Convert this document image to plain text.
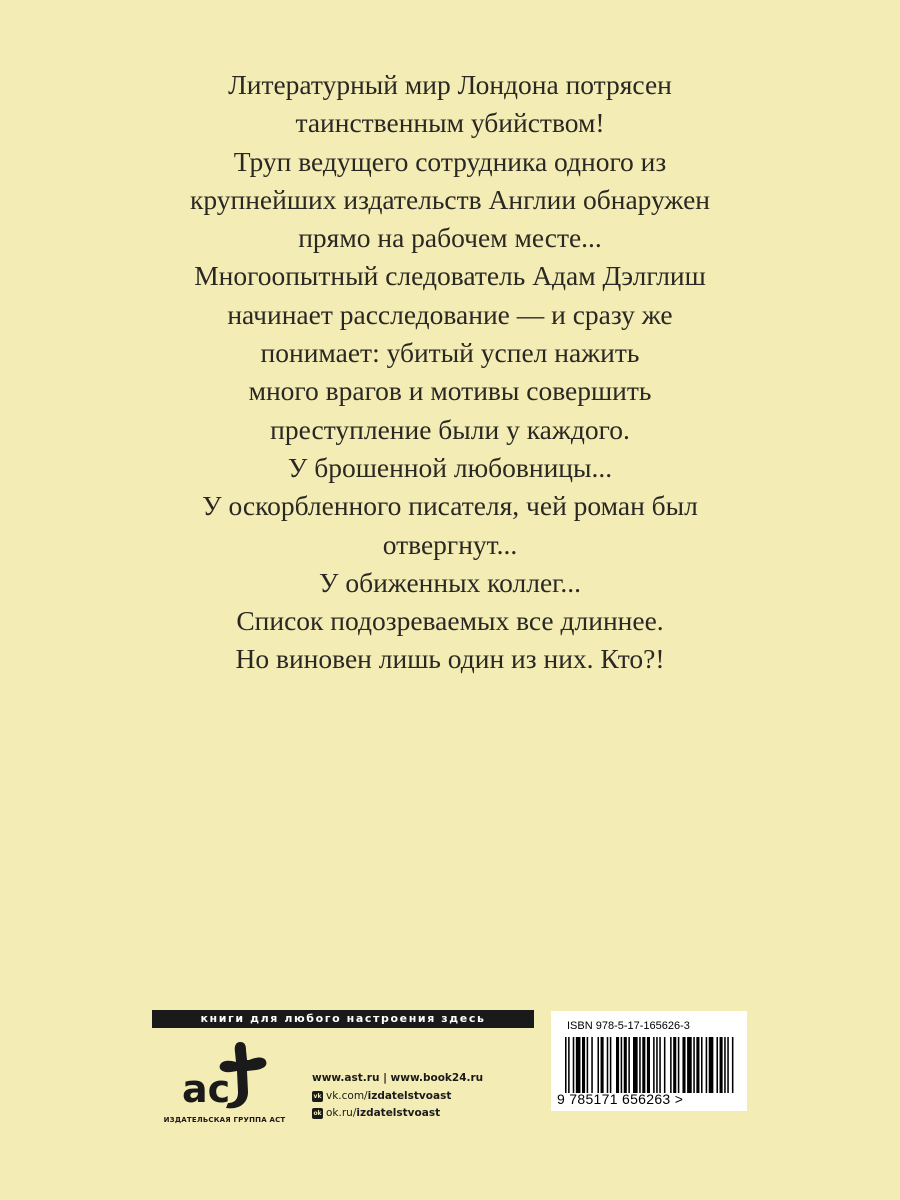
Литературный мир Лондона потрясен
таинственным убийством!
Труп ведущего сотрудника одного из
крупнейших издательств Англии обнаружен
прямо на рабочем месте...
Многоопытный следователь Адам Дэлглиш
начинает расследование — и сразу же
понимает: убитый успел нажить
много врагов и мотивы совершить
преступление были у каждого.
У брошенной любовницы...
У оскорбленного писателя, чей роман был
отвергнут...
У обиженных коллег...
Список подозреваемых все длиннее.
Но виновен лишь один из них. Кто?!
книги для любого настроения здесь
ac
ИЗДАТЕЛЬСКАЯ ГРУППА АСТ
www.ast.ru | www.book24.ru
vk vk.com/izdatelstvoast
ok ok.ru/izdatelstvoast
ISBN 978-5-17-165626-3
9 785171 656263 >
